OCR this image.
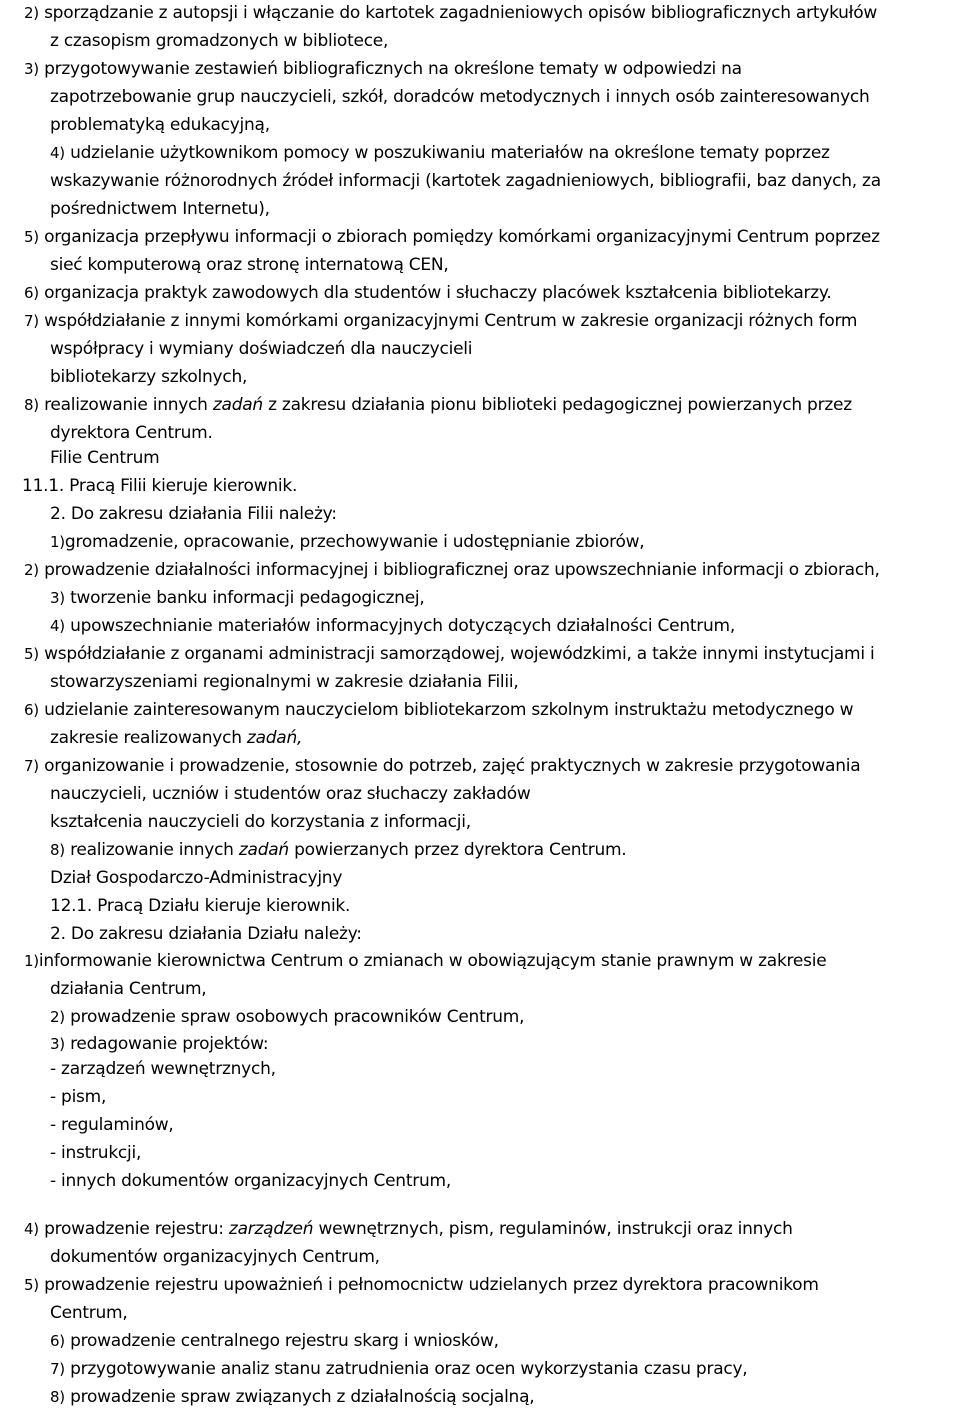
2) sporządzanie z autopsji i włączanie do kartotek zagadnieniowych opisów bibliograficznych artykułów
z czasopism gromadzonych w bibliotece,
3) przygotowywanie zestawień bibliograficznych na określone tematy w odpowiedzi na
zapotrzebowanie grup nauczycieli, szkół, doradców metodycznych i innych osób zainteresowanych
problematyką edukacyjną,
4) udzielanie użytkownikom pomocy w poszukiwaniu materiałów na określone tematy poprzez
wskazywanie różnorodnych źródeł informacji (kartotek zagadnieniowych, bibliografii, baz danych, za
pośrednictwem Internetu),
5) organizacja przepływu informacji o zbiorach pomiędzy komórkami organizacyjnymi Centrum poprzez
sieć komputerową oraz stronę internatową CEN,
6) organizacja praktyk zawodowych dla studentów i słuchaczy placówek kształcenia bibliotekarzy.
7) współdziałanie z innymi komórkami organizacyjnymi Centrum w zakresie organizacji różnych form
współpracy i wymiany doświadczeń dla nauczycieli
bibliotekarzy szkolnych,
8) realizowanie innych zadań z zakresu działania pionu biblioteki pedagogicznej powierzanych przez
dyrektora Centrum.
Filie Centrum
11.1. Pracą Filii kieruje kierownik.
2. Do zakresu działania Filii należy:
1)gromadzenie, opracowanie, przechowywanie i udostępnianie zbiorów,
2) prowadzenie działalności informacyjnej i bibliograficznej oraz upowszechnianie informacji o zbiorach,
3) tworzenie banku informacji pedagogicznej,
4) upowszechnianie materiałów informacyjnych dotyczących działalności Centrum,
5) współdziałanie z organami administracji samorządowej, wojewódzkimi, a także innymi instytucjami i
stowarzyszeniami regionalnymi w zakresie działania Filii,
6) udzielanie zainteresowanym nauczycielom bibliotekarzom szkolnym instruktażu metodycznego w
zakresie realizowanych zadań,
7) organizowanie i prowadzenie, stosownie do potrzeb, zajęć praktycznych w zakresie przygotowania
nauczycieli, uczniów i studentów oraz słuchaczy zakładów
kształcenia nauczycieli do korzystania z informacji,
8) realizowanie innych zadań powierzanych przez dyrektora Centrum.
Dział Gospodarczo-Administracyjny
12.1. Pracą Działu kieruje kierownik.
2. Do zakresu działania Działu należy:
1)informowanie kierownictwa Centrum o zmianach w obowiązującym stanie prawnym w zakresie
działania Centrum,
2) prowadzenie spraw osobowych pracowników Centrum,
3) redagowanie projektów:
- zarządzeń wewnętrznych,
- pism,
- regulaminów,
- instrukcji,
- innych dokumentów organizacyjnych Centrum,
4) prowadzenie rejestru: zarządzeń wewnętrznych, pism, regulaminów, instrukcji oraz innych
dokumentów organizacyjnych Centrum,
5) prowadzenie rejestru upoważnień i pełnomocnictw udzielanych przez dyrektora pracownikom
Centrum,
6) prowadzenie centralnego rejestru skarg i wniosków,
7) przygotowywanie analiz stanu zatrudnienia oraz ocen wykorzystania czasu pracy,
8) prowadzenie spraw związanych z działalnością socjalną,
